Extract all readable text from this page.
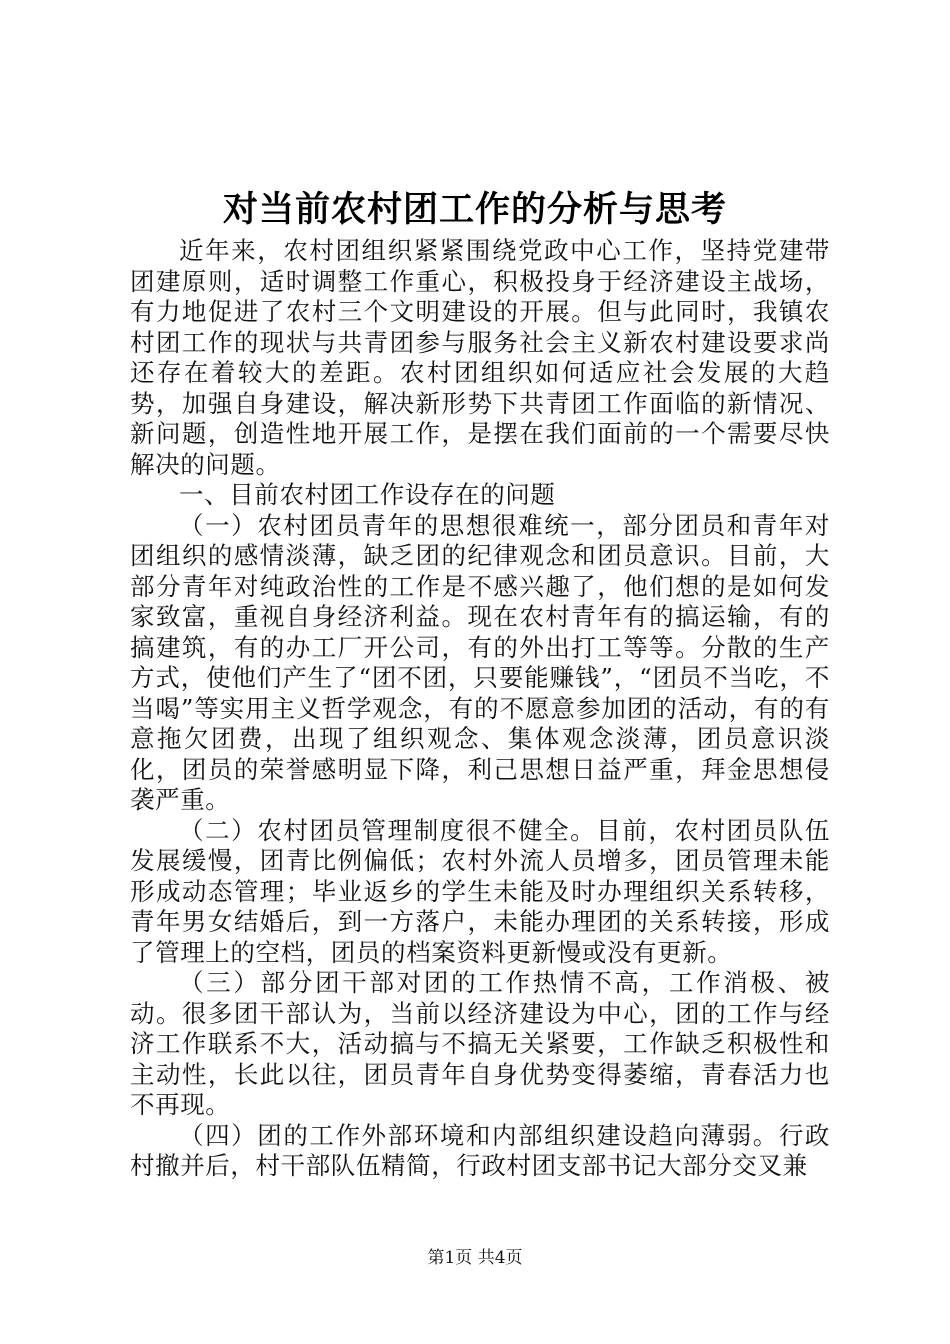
对当前农村团工作的分析与思考

近年来，农村团组织紧紧围绕党政中心工作，坚持党建带团建原则，适时调整工作重心，积极投身于经济建设主战场，有力地促进了农村三个文明建设的开展。但与此同时，我镇农村团工作的现状与共青团参与服务社会主义新农村建设要求尚还存在着较大的差距。农村团组织如何适应社会发展的大趋势，加强自身建设，解决新形势下共青团工作面临的新情况、新问题，创造性地开展工作，是摆在我们面前的一个需要尽快解决的问题。

一、目前农村团工作设存在的问题

（一）农村团员青年的思想很难统一，部分团员和青年对团组织的感情淡薄，缺乏团的纪律观念和团员意识。目前，大部分青年对纯政治性的工作是不感兴趣了，他们想的是如何发家致富，重视自身经济利益。现在农村青年有的搞运输，有的搞建筑，有的办工厂开公司，有的外出打工等等。分散的生产方式，使他们产生了“团不团，只要能赚钱”，“团员不当吃，不当喝”等实用主义哲学观念，有的不愿意参加团的活动，有的有意拖欠团费，出现了组织观念、集体观念淡薄，团员意识淡化，团员的荣誉感明显下降，利己思想日益严重，拜金思想侵袭严重。

（二）农村团员管理制度很不健全。目前，农村团员队伍发展缓慢，团青比例偏低；农村外流人员增多，团员管理未能形成动态管理；毕业返乡的学生未能及时办理组织关系转移，青年男女结婚后，到一方落户，未能办理团的关系转接，形成了管理上的空档，团员的档案资料更新慢或没有更新。

（三）部分团干部对团的工作热情不高，工作消极、被动。很多团干部认为，当前以经济建设为中心，团的工作与经济工作联系不大，活动搞与不搞无关紧要，工作缺乏积极性和主动性，长此以往，团员青年自身优势变得萎缩，青春活力也不再现。

（四）团的工作外部环境和内部组织建设趋向薄弱。行政村撤并后，村干部队伍精简，行政村团支部书记大部分交叉兼

第1页 共4页
